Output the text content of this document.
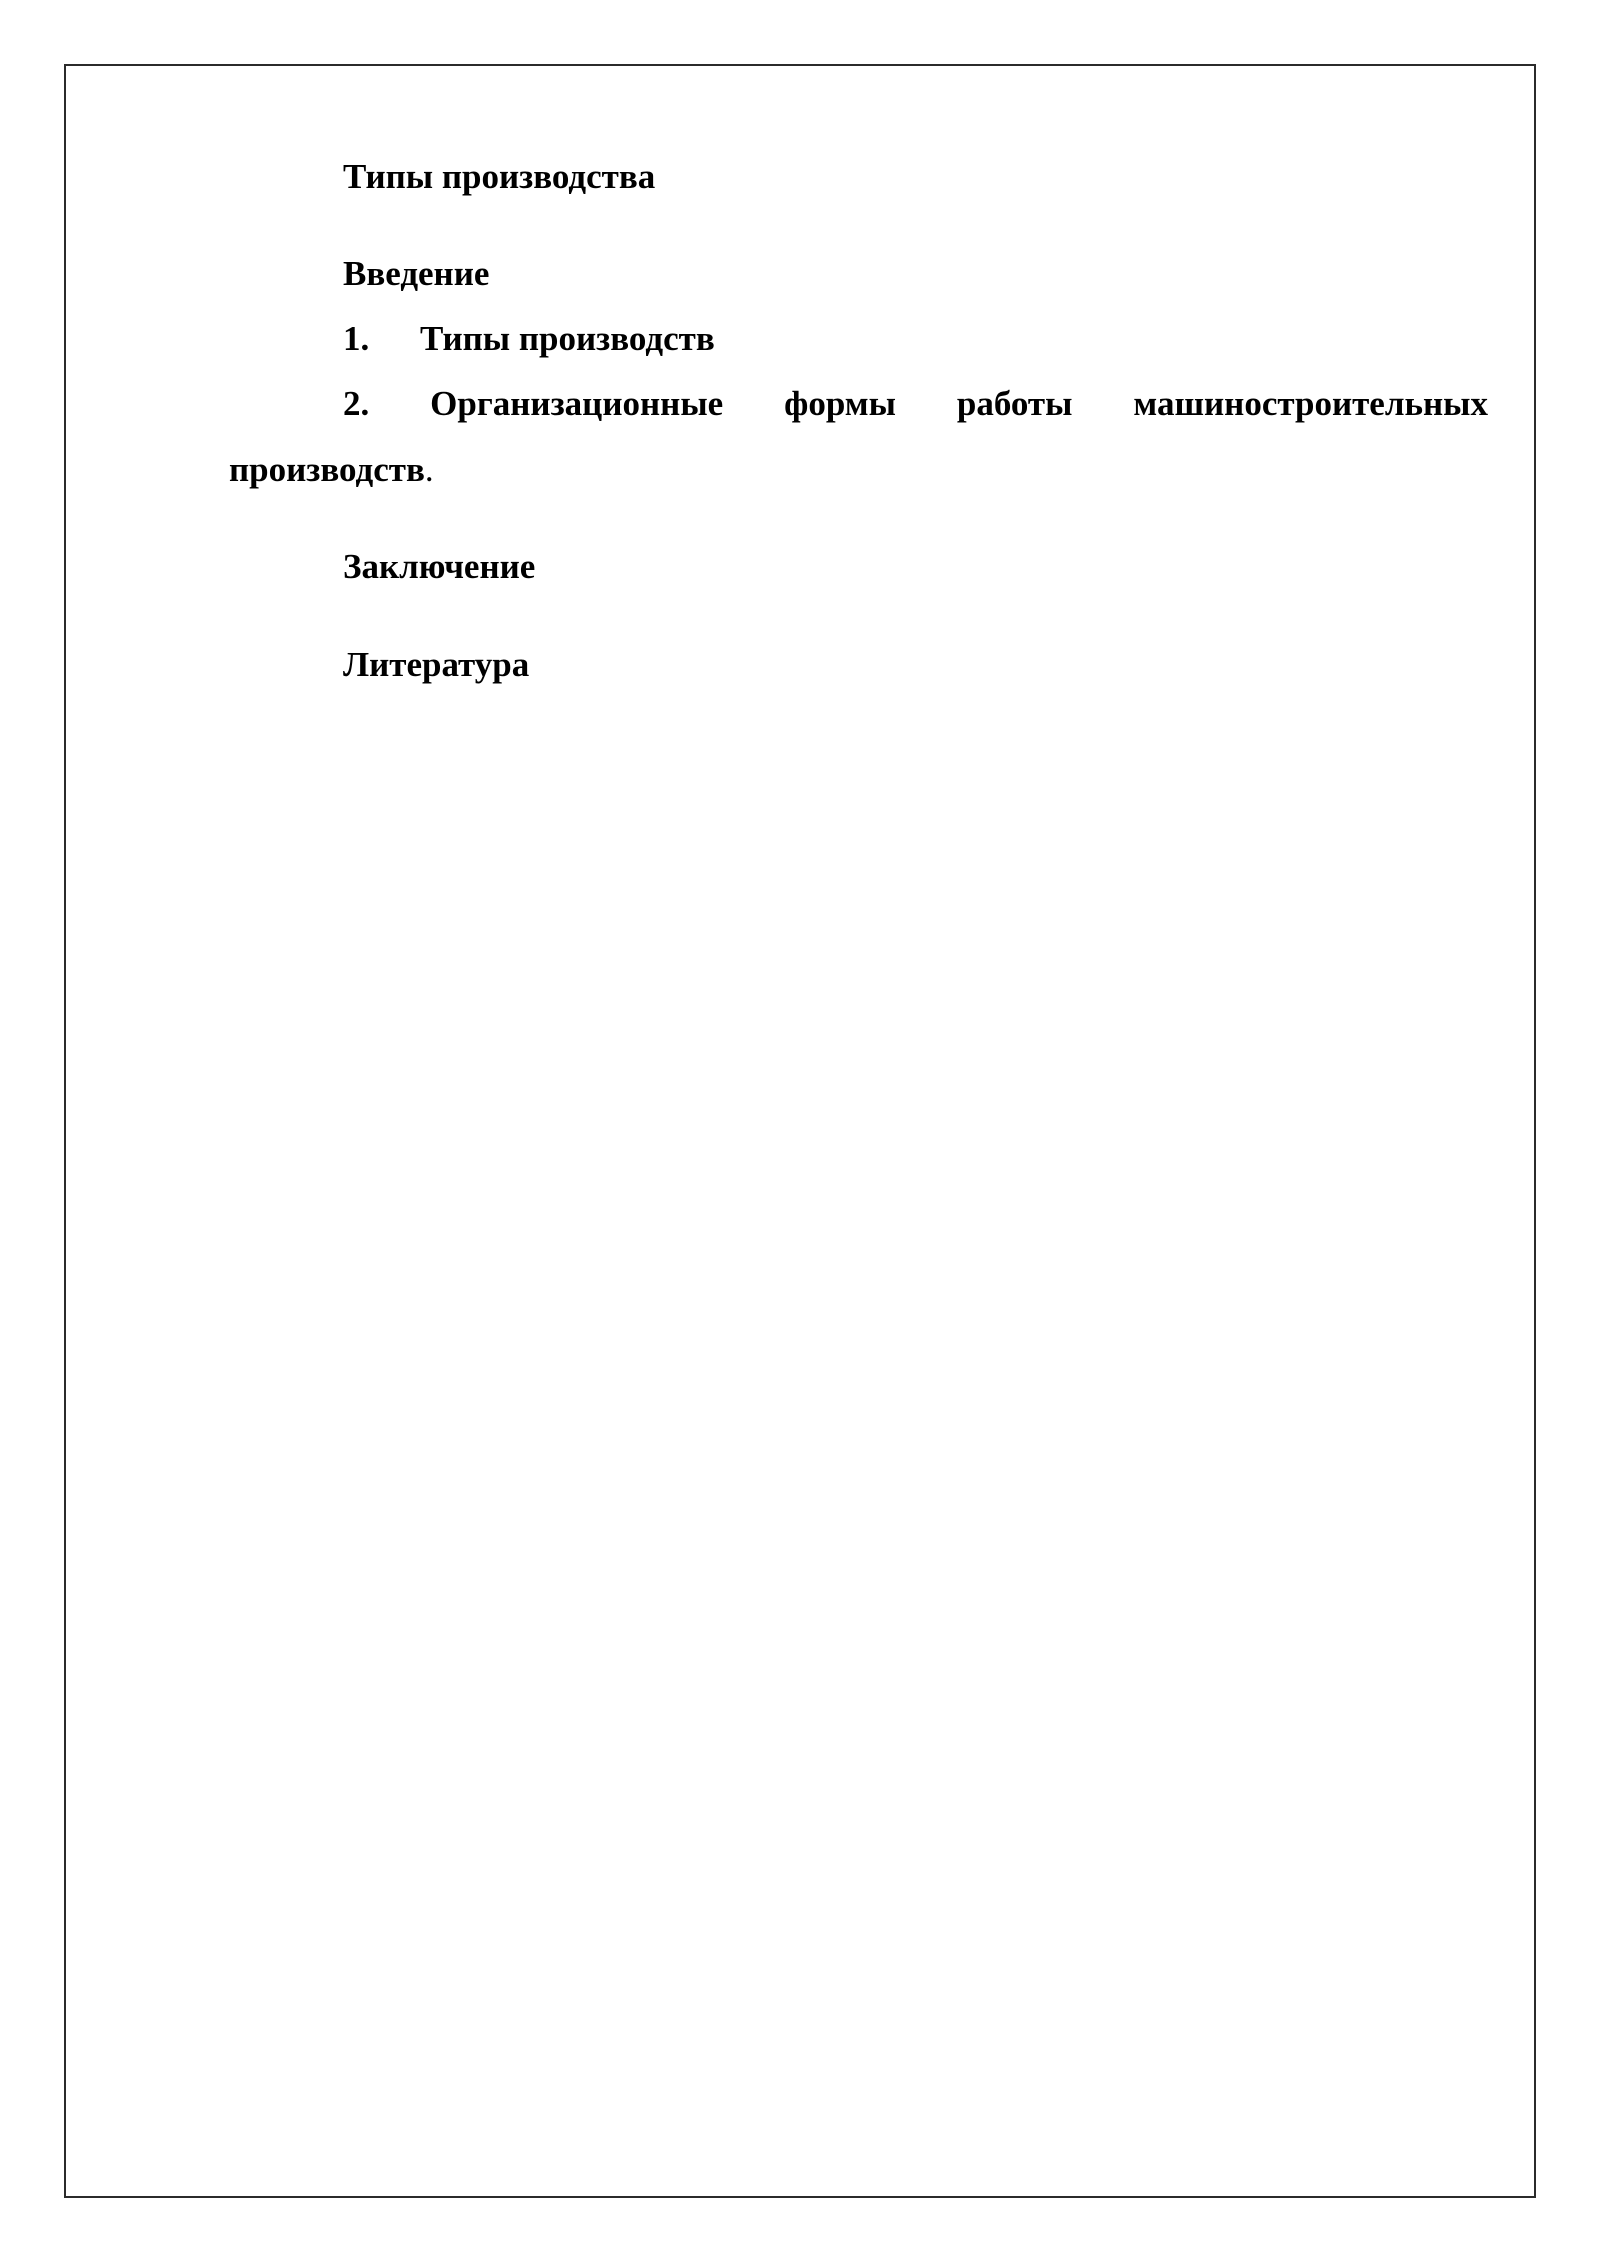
Типы производства
Введение
1. Типы производств
2. Организационные формы работы машиностроительных
производств.
Заключение
Литература
